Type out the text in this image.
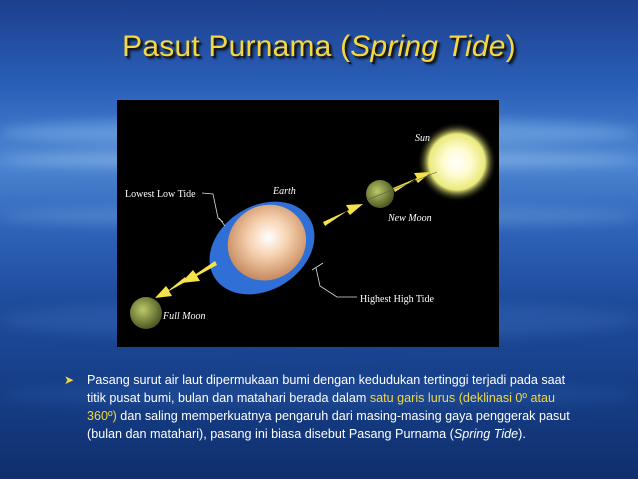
Pasut Purnama (Spring Tide)
Sun
Earth
Lowest Low Tide
New Moon
Full Moon
Highest High Tide
➤ Pasang surut air laut dipermukaan bumi dengan kedudukan tertinggi terjadi pada saat titik pusat bumi, bulan dan matahari berada dalam satu garis lurus (deklinasi 0º atau 360º) dan saling memperkuatnya pengaruh dari masing-masing gaya penggerak pasut (bulan dan matahari), pasang ini biasa disebut Pasang Purnama (Spring Tide).
